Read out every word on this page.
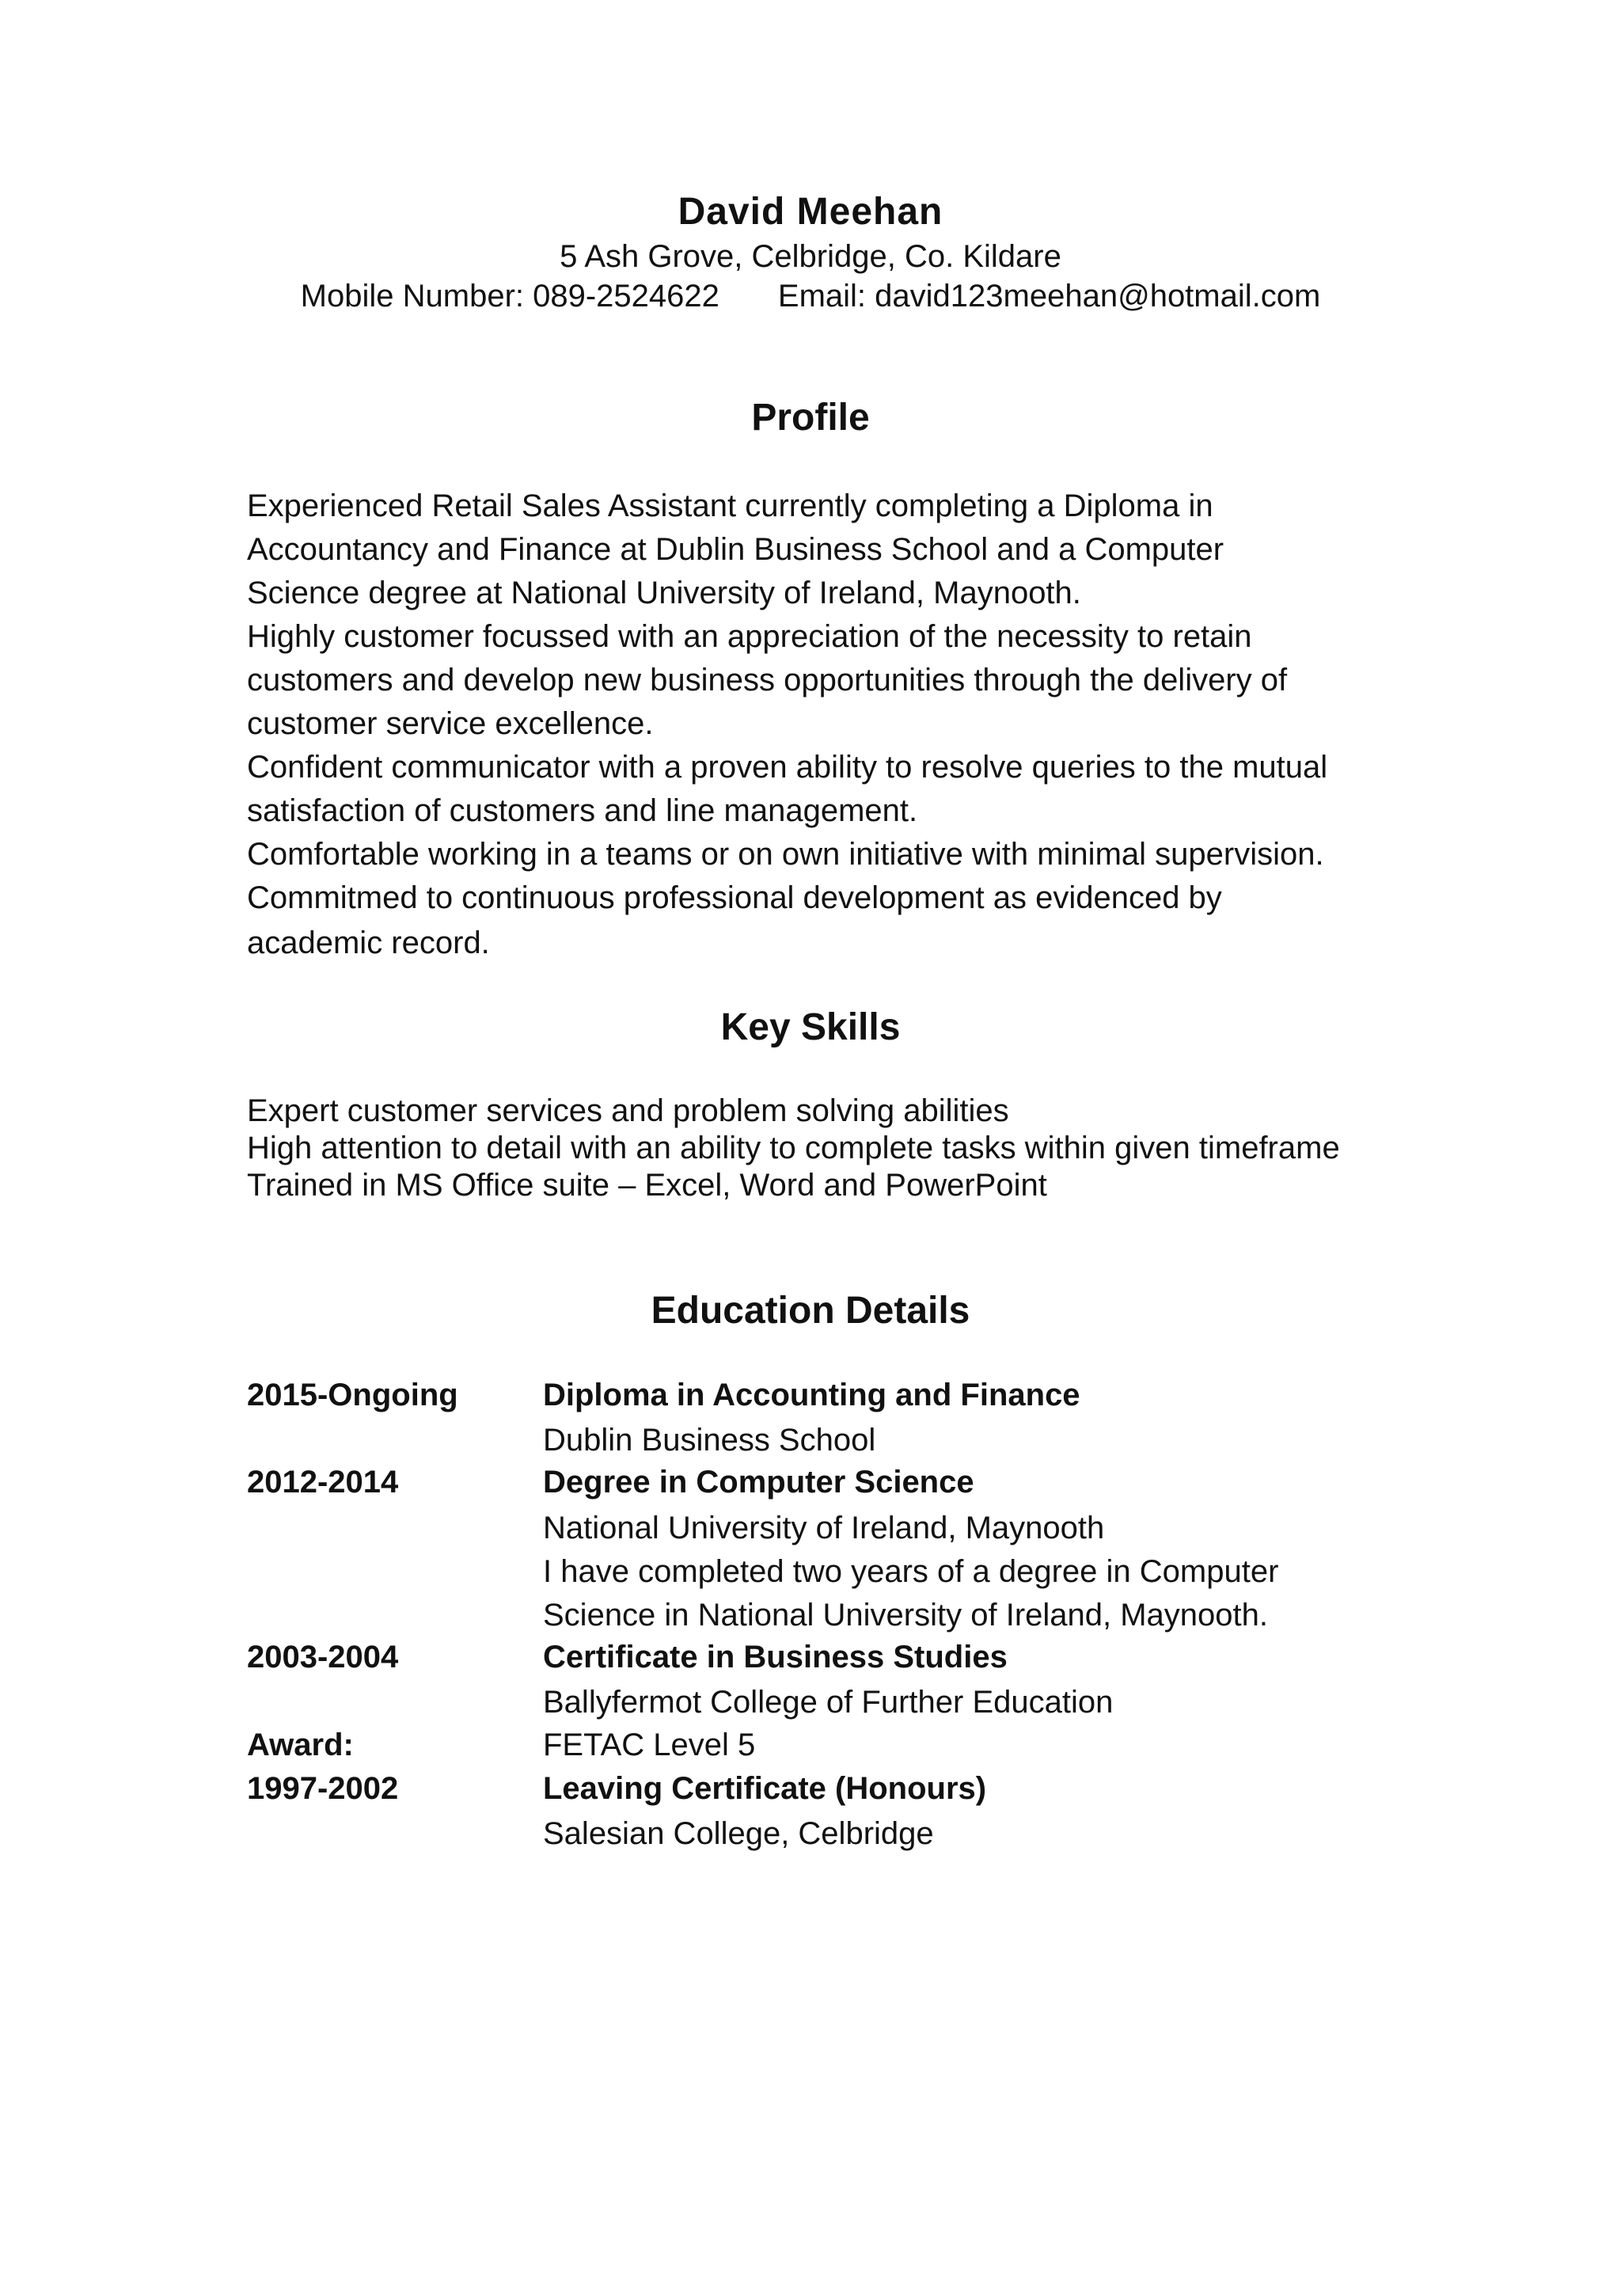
David Meehan
5 Ash Grove, Celbridge, Co. Kildare
Mobile Number: 089-2524622 Email: david123meehan@hotmail.com
Profile
Experienced Retail Sales Assistant currently completing a Diploma in
Accountancy and Finance at Dublin Business School and a Computer
Science degree at National University of Ireland, Maynooth.
Highly customer focussed with an appreciation of the necessity to retain
customers and develop new business opportunities through the delivery of
customer service excellence.
Confident communicator with a proven ability to resolve queries to the mutual
satisfaction of customers and line management.
Comfortable working in a teams or on own initiative with minimal supervision.
Commitmed to continuous professional development as evidenced by
academic record.
Key Skills
Expert customer services and problem solving abilities
High attention to detail with an ability to complete tasks within given timeframe
Trained in MS Office suite – Excel, Word and PowerPoint
Education Details
2015-Ongoing	Diploma in Accounting and Finance
Dublin Business School
2012-2014	Degree in Computer Science
National University of Ireland, Maynooth
I have completed two years of a degree in Computer
Science in National University of Ireland, Maynooth.
2003-2004	Certificate in Business Studies
Ballyfermot College of Further Education
Award:	FETAC Level 5
1997-2002	Leaving Certificate (Honours)
Salesian College, Celbridge
